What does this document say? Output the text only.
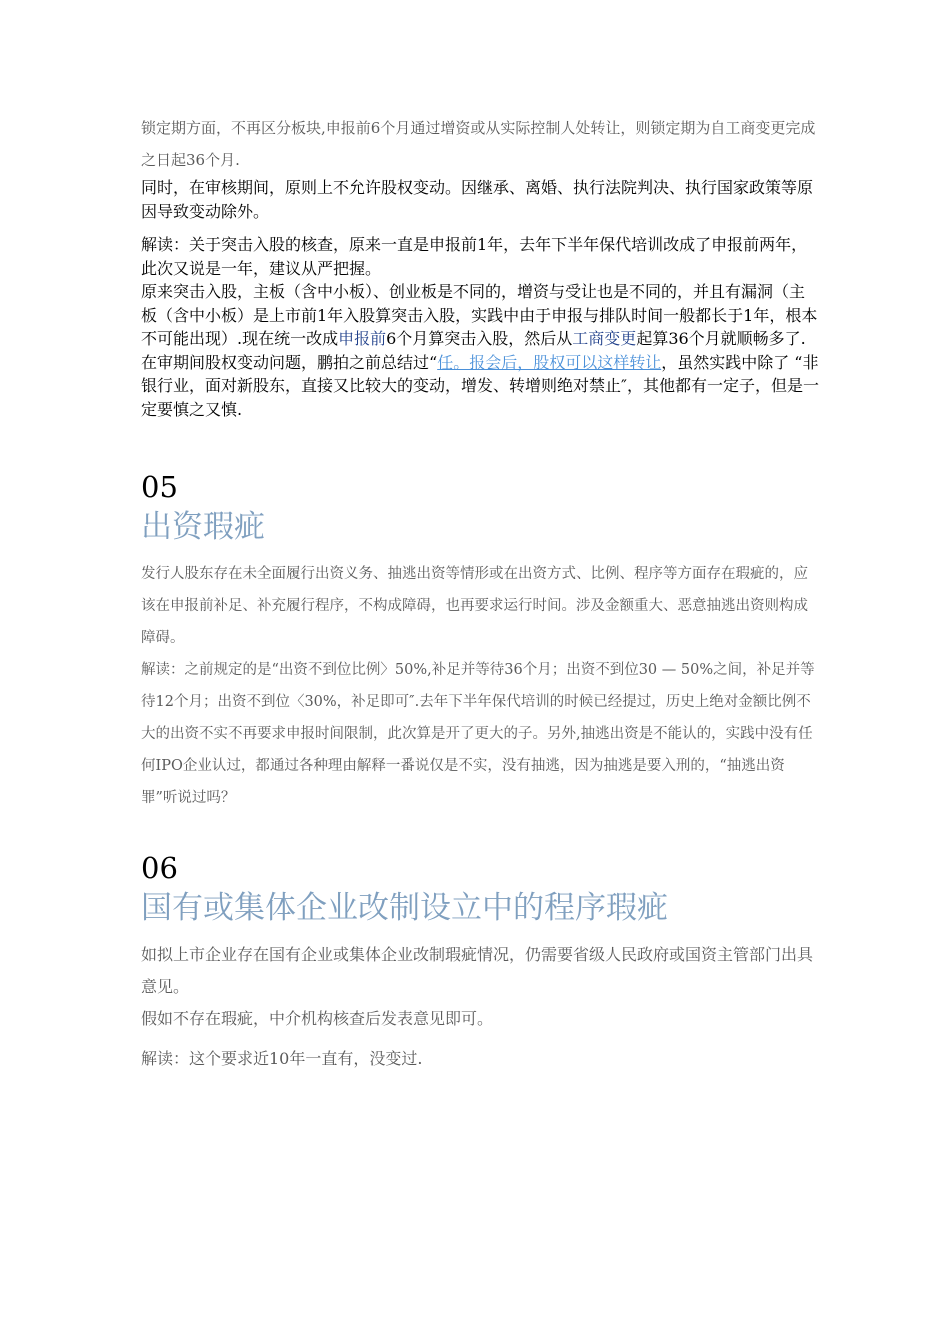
锁定期方面，不再区分板块,申报前6个月通过增资或从实际控制人处转让，则锁定期为自工商变更完成之日起36个月.

同时，在审核期间，原则上不允许股权变动。因继承、离婚、执行法院判决、执行国家政策等原因导致变动除外。

解读：关于突击入股的核查，原来一直是申报前1年，去年下半年保代培训改成了申报前两年，此次又说是一年，建议从严把握。

原来突击入股，主板（含中小板）、创业板是不同的，增资与受让也是不同的，并且有漏洞（主板（含中小板）是上市前1年入股算突击入股，实践中由于申报与排队时间一般都长于1年，根本不可能出现）.现在统一改成申报前6个月算突击入股，然后从工商变更起算36个月就顺畅多了.

在审期间股权变动问题，鹏拍之前总结过“任。报会后，股权可以这样转让，虽然实践中除了 “非银行业，面对新股东，直接又比较大的变动，增发、转增则绝对禁止″，其他都有一定子，但是一定要慎之又慎.

05
出资瑕疵

发行人股东存在未全面履行出资义务、抽逃出资等情形或在出资方式、比例、程序等方面存在瑕疵的，应该在申报前补足、补充履行程序，不构成障碍，也再要求运行时间。涉及金额重大、恶意抽逃出资则构成障碍。

解读：之前规定的是“出资不到位比例〉50%,补足并等待36个月；出资不到位30 — 50%之间，补足并等待12个月；出资不到位〈30%，补足即可″.去年下半年保代培训的时候已经提过，历史上绝对金额比例不大的出资不实不再要求申报时间限制，此次算是开了更大的子。另外,抽逃出资是不能认的，实践中没有任何IPO企业认过，都通过各种理由解释一番说仅是不实，没有抽逃，因为抽逃是要入刑的，“抽逃出资罪”听说过吗？

06
国有或集体企业改制设立中的程序瑕疵

如拟上市企业存在国有企业或集体企业改制瑕疵情况，仍需要省级人民政府或国资主管部门出具意见。

假如不存在瑕疵，中介机构核查后发表意见即可。

解读：这个要求近10年一直有，没变过.
